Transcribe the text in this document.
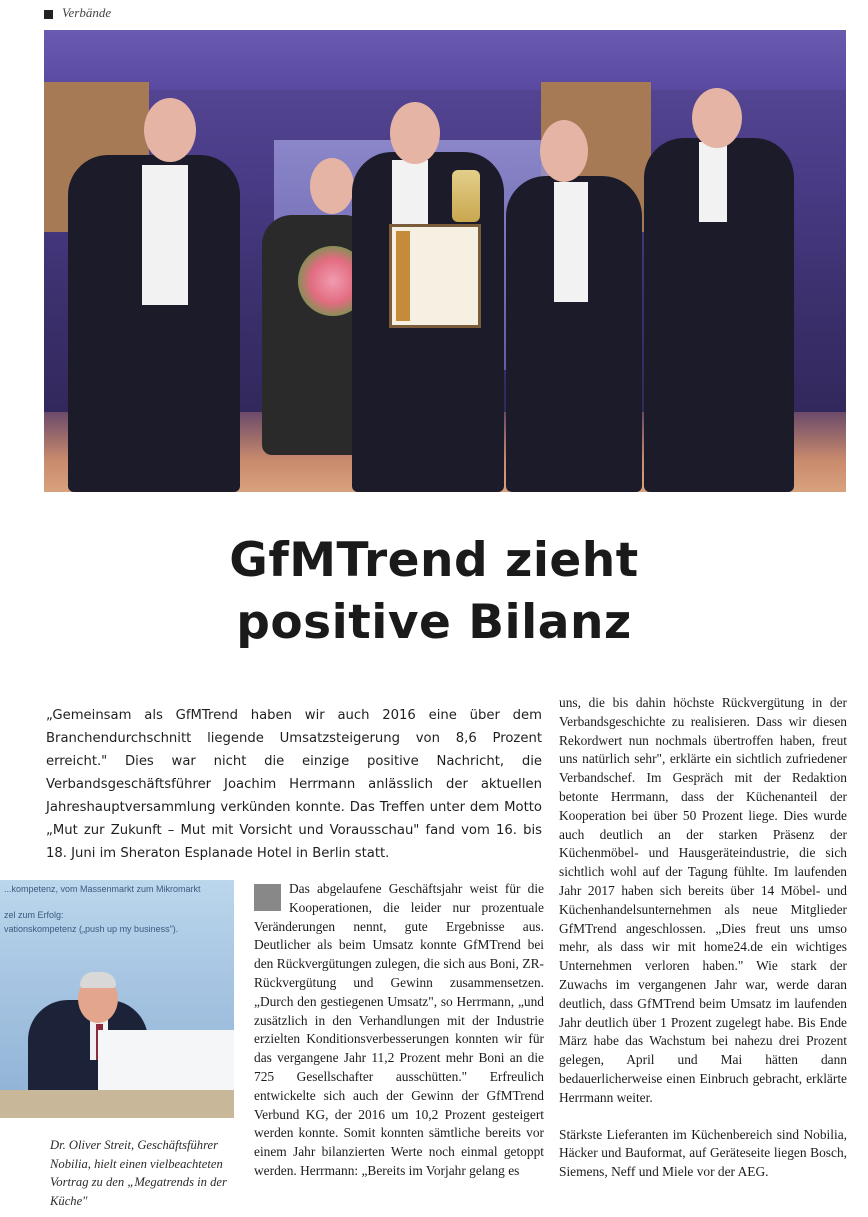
Verbände
GfMTrend zieht
positive Bilanz
„Gemeinsam als GfMTrend haben wir auch 2016 eine über dem Branchendurchschnitt liegende Umsatzsteigerung von 8,6 Prozent erreicht." Dies war nicht die einzige positive Nachricht, die Verbandsgeschäftsführer Joachim Herrmann anlässlich der aktuellen Jahreshauptversammlung verkünden konnte. Das Treffen unter dem Motto „Mut zur Zukunft – Mut mit Vorsicht und Vorausschau" fand vom 16. bis 18. Juni im Sheraton Esplanade Hotel in Berlin statt.
...kompetenz, vom Massenmarkt zum Mikromarkt
zel zum Erfolg:
vationskompetenz („push up my business").
Dr. Oliver Streit, Geschäftsführer Nobilia, hielt einen vielbeachteten Vortrag zu den „Megatrends in der Küche"
Das abgelaufene Geschäftsjahr weist für die Kooperationen, die leider nur prozentuale Veränderungen nennt, gute Ergebnisse aus. Deutlicher als beim Umsatz konnte GfMTrend bei den Rückvergütungen zulegen, die sich aus Boni, ZR-Rückvergütung und Gewinn zusammensetzen. „Durch den gestiegenen Umsatz", so Herrmann, „und zusätzlich in den Verhandlungen mit der Industrie erzielten Konditionsverbesserungen konnten wir für das vergangene Jahr 11,2 Prozent mehr Boni an die 725 Gesellschafter ausschütten." Erfreulich entwickelte sich auch der Gewinn der GfMTrend Verbund KG, der 2016 um 10,2 Prozent gesteigert werden konnte. Somit konnten sämtliche bereits vor einem Jahr bilanzierten Werte noch einmal getoppt werden. Herrmann: „Bereits im Vorjahr gelang es

uns, die bis dahin höchste Rückvergütung in der Verbandsgeschichte zu realisieren. Dass wir diesen Rekordwert nun nochmals übertroffen haben, freut uns natürlich sehr", erklärte ein sichtlich zufriedener Verbandschef. Im Gespräch mit der Redaktion betonte Herrmann, dass der Küchenanteil der Kooperation bei über 50 Prozent liege. Dies wurde auch deutlich an der starken Präsenz der Küchenmöbel- und Hausgeräteindustrie, die sich sichtlich wohl auf der Tagung fühlte. Im laufenden Jahr 2017 haben sich bereits über 14 Möbel- und Küchenhandelsunternehmen als neue Mitglieder GfMTrend angeschlossen. „Dies freut uns umso mehr, als dass wir mit home24.de ein wichtiges Unternehmen verloren haben." Wie stark der Zuwachs im vergangenen Jahr war, werde daran deutlich, dass GfMTrend beim Umsatz im laufenden Jahr deutlich über 1 Prozent zugelegt habe. Bis Ende März habe das Wachstum bei nahezu drei Prozent gelegen, April und Mai hätten dann bedauerlicherweise einen Einbruch gebracht, erklärte Herrmann weiter.

Stärkste Lieferanten im Küchenbereich sind Nobilia, Häcker und Bauformat, auf Geräteseite liegen Bosch, Siemens, Neff und Miele vor der AEG.
